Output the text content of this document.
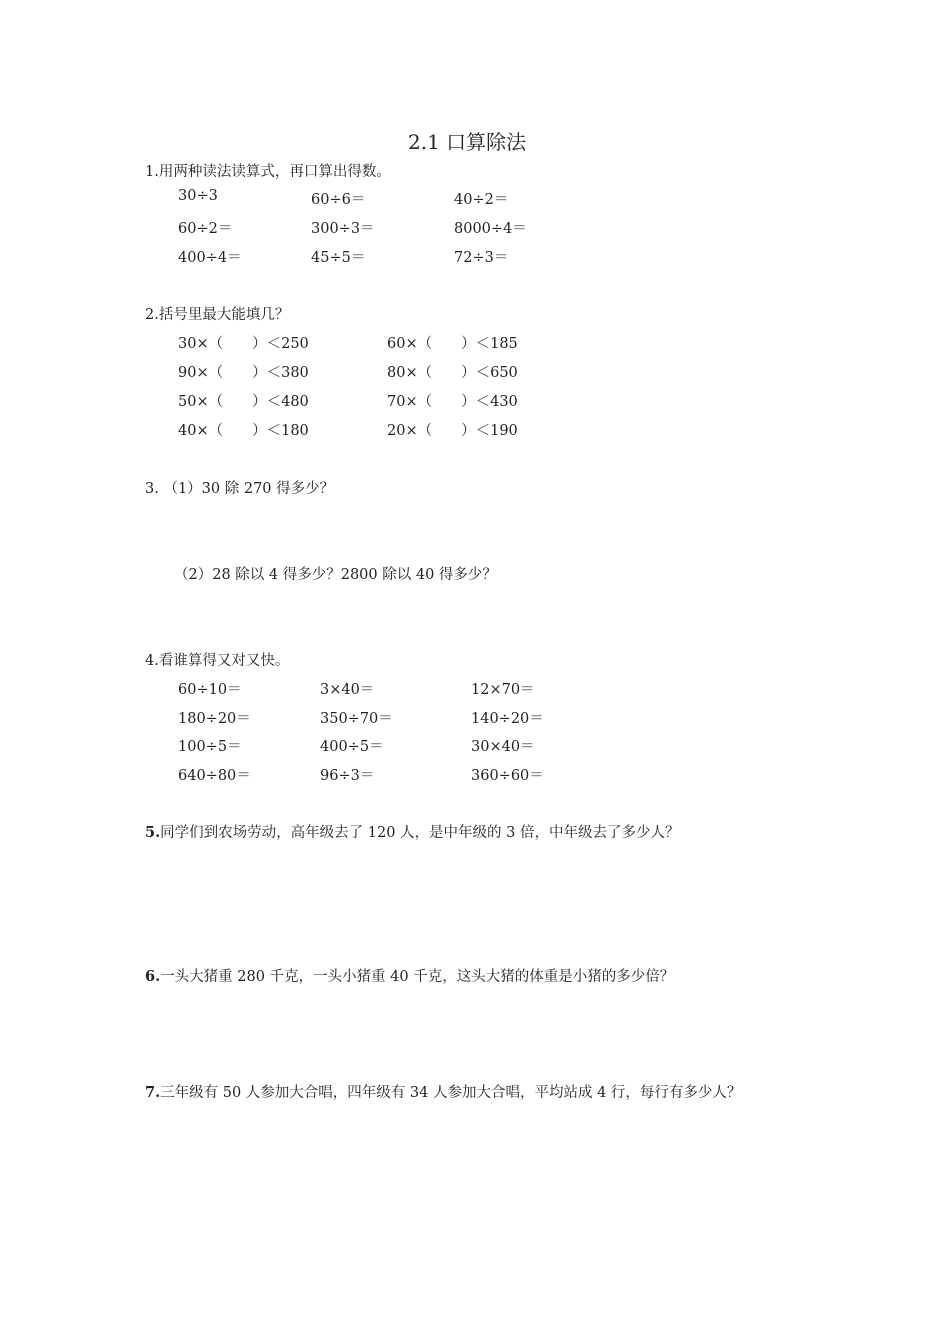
2.1 口算除法
1.用两种读法读算式，再口算出得数。
30÷3	60÷6＝	40÷2＝
60÷2＝	300÷3＝	8000÷4＝
400÷4＝	45÷5＝	72÷3＝
2.括号里最大能填几？
30×（　　）＜250	60×（　　）＜185
90×（　　）＜380	80×（　　）＜650
50×（　　）＜480	70×（　　）＜430
40×（　　）＜180	20×（　　）＜190
3. （1）30 除 270 得多少？
（2）28 除以 4 得多少？2800 除以 40 得多少？
4.看谁算得又对又快。
60÷10＝	3×40＝	12×70＝
180÷20＝	350÷70＝	140÷20＝
100÷5＝	400÷5＝	30×40＝
640÷80＝	96÷3＝	360÷60＝
5.同学们到农场劳动，高年级去了 120 人，是中年级的 3 倍，中年级去了多少人？
6.一头大猪重 280 千克，一头小猪重 40 千克，这头大猪的体重是小猪的多少倍？
7.三年级有 50 人参加大合唱，四年级有 34 人参加大合唱，平均站成 4 行，每行有多少人？
